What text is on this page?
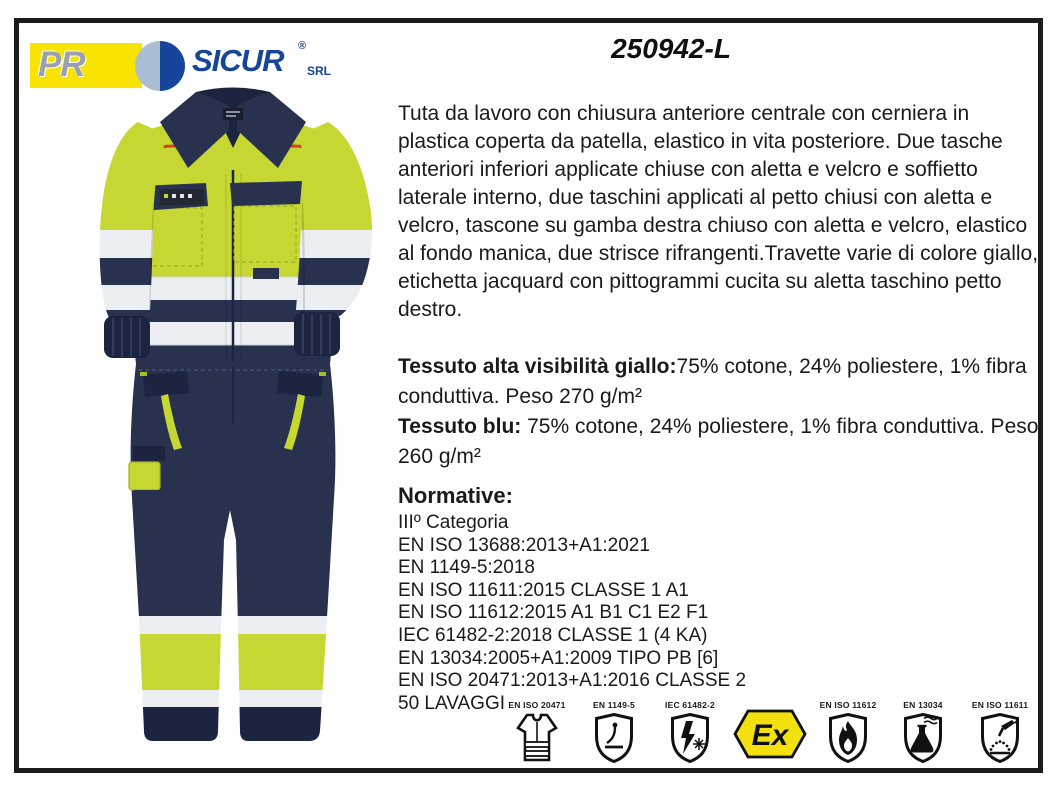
PR	SICUR ®
SRL
250942-L

Tuta da lavoro con chiusura anteriore centrale con cerniera in plastica coperta da patella, elastico in vita posteriore. Due tasche anteriori inferiori applicate chiuse con aletta e velcro e soffietto laterale interno, due taschini applicati al petto chiusi con aletta e velcro, tascone su gamba destra chiuso con aletta e velcro, elastico al fondo manica, due strisce rifrangenti.Travette varie di colore giallo, etichetta jacquard con pittogrammi cucita su aletta taschino petto destro.

Tessuto alta visibilità giallo:75% cotone, 24% poliestere, 1% fibra conduttiva. Peso 270 g/m²
Tessuto blu: 75% cotone, 24% poliestere, 1% fibra conduttiva. Peso 260 g/m²
Normative:
IIIº Categoria
EN ISO 13688:2013+A1:2021
EN 1149-5:2018
EN ISO 11611:2015 CLASSE 1 A1
EN ISO 11612:2015 A1 B1 C1 E2 F1
IEC 61482-2:2018 CLASSE 1 (4 KA)
EN 13034:2005+A1:2009 TIPO PB [6]
EN ISO 20471:2013+A1:2016 CLASSE 2
50 LAVAGGI EN ISO 20471	EN 1149-5	IEC 61482-2
Ex
EN ISO 11612	EN 13034	EN ISO 11611
